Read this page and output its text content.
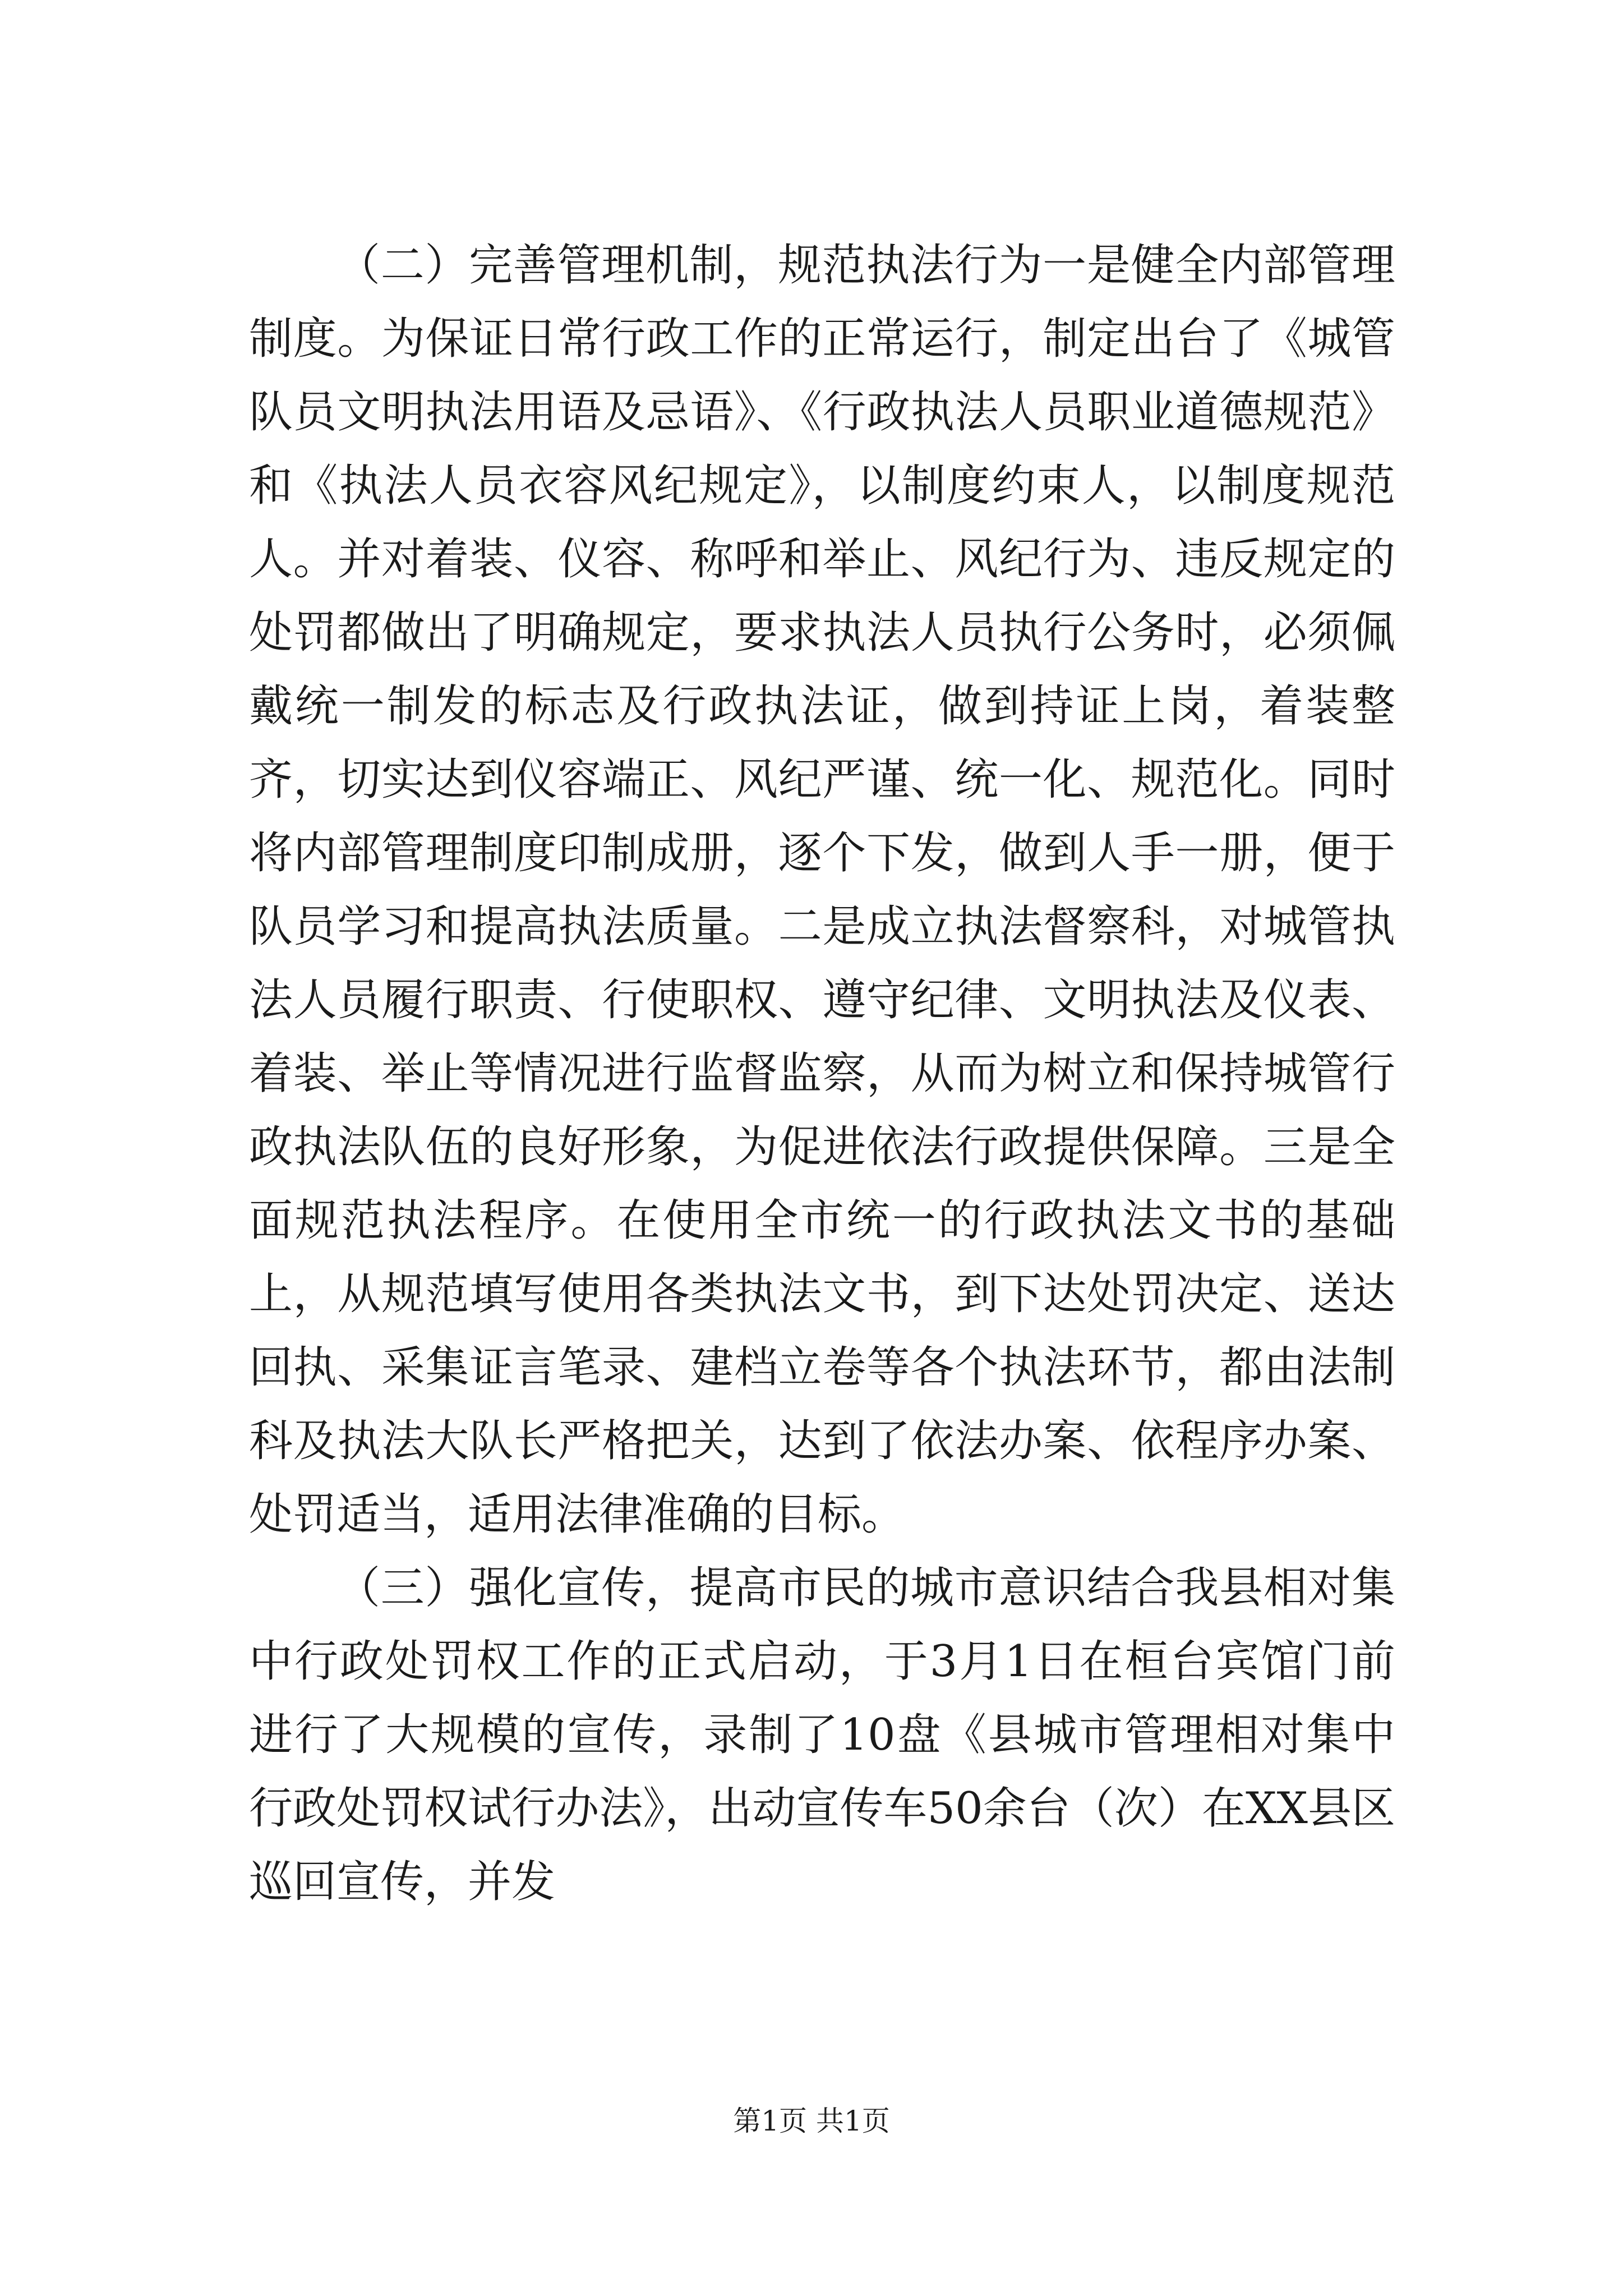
（二）完善管理机制，规范执法行为一是健全内部管理制度。为保证日常行政工作的正常运行，制定出台了《城管队员文明执法用语及忌语》、《行政执法人员职业道德规范》和《执法人员衣容风纪规定》，以制度约束人，以制度规范人。并对着装、仪容、称呼和举止、风纪行为、违反规定的处罚都做出了明确规定，要求执法人员执行公务时，必须佩戴统一制发的标志及行政执法证，做到持证上岗，着装整齐，切实达到仪容端正、风纪严谨、统一化、规范化。同时将内部管理制度印制成册，逐个下发，做到人手一册，便于队员学习和提高执法质量。二是成立执法督察科，对城管执法人员履行职责、行使职权、遵守纪律、文明执法及仪表、着装、举止等情况进行监督监察，从而为树立和保持城管行政执法队伍的良好形象，为促进依法行政提供保障。三是全面规范执法程序。在使用全市统一的行政执法文书的基础上，从规范填写使用各类执法文书，到下达处罚决定、送达回执、采集证言笔录、建档立卷等各个执法环节，都由法制科及执法大队长严格把关，达到了依法办案、依程序办案、处罚适当，适用法律准确的目标。

（三）强化宣传，提高市民的城市意识结合我县相对集中行政处罚权工作的正式启动，于3月1日在桓台宾馆门前进行了大规模的宣传，录制了10盘《县城市管理相对集中行政处罚权试行办法》，出动宣传车50余台（次）在XX县区巡回宣传，并发

第1页 共1页
